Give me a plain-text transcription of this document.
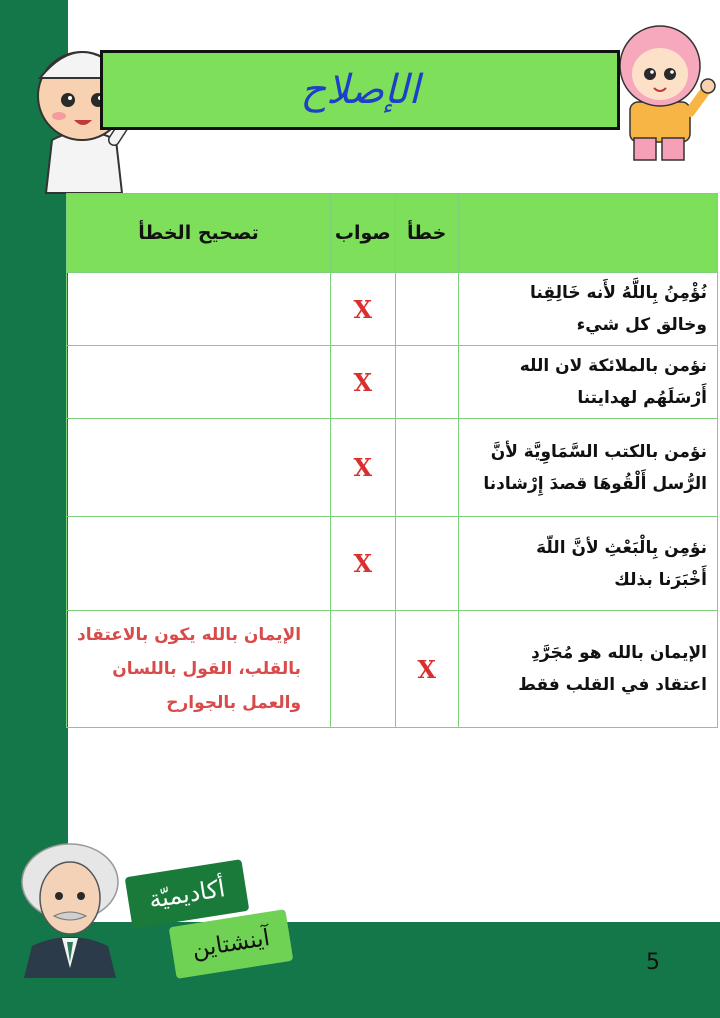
الإصلاح
	خطأ	صواب	تصحيح الخطأ

نُؤْمِنُ بِاللَّهُ لأَنه خَالِقِنا
وخالق كل شيء		X	

نؤمن بالملائكة لان الله
أَرْسَلَهُم لهدايتنا		X	

نؤمن بالكتب السَّمَاوِيَّة لأنَّ
الرُّسل أَلْقُوهَا قصدَ إِرْشادنا		X	

نؤمِن بِالْبَعْثِ لأنَّ اللّهَ
أَخْبَرَنا بذلك		X	

الإيمان بالله هو مُجَرَّدِ
اعتقاد في القلب فقط	X		الإيمان بالله يكون بالاعتقاد بالقلب، القول باللسان والعمل بالجوارح
أكاديميّة
آينشتاين	5
